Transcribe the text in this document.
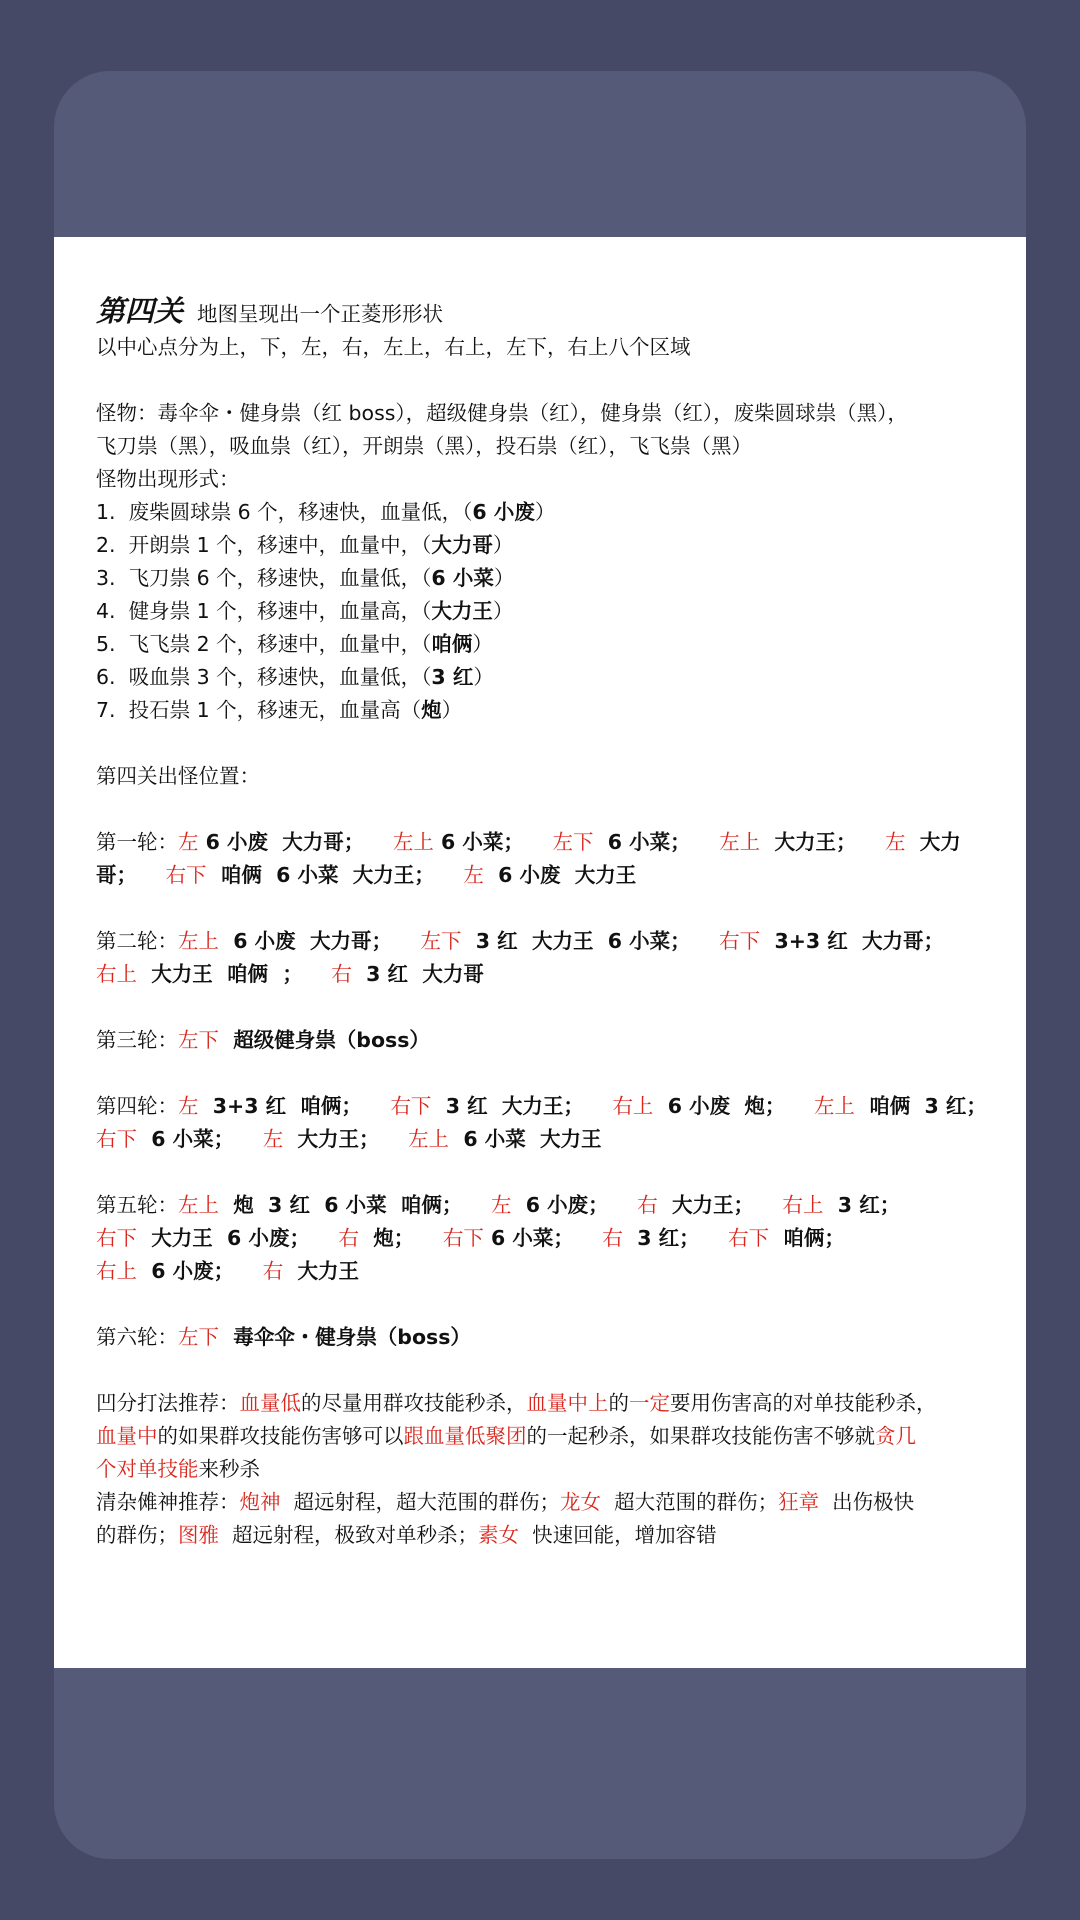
第四关 地图呈现出一个正菱形形状
以中心点分为上，下，左，右，左上，右上，左下，右上八个区域
怪物：毒伞伞・健身祟（红 boss），超级健身祟（红），健身祟（红），废柴圆球祟（黑），
飞刀祟（黑），吸血祟（红），开朗祟（黑），投石祟（红），飞飞祟（黑）
怪物出现形式：
1.  废柴圆球祟 6 个，移速快，血量低，（6 小废）
2.  开朗祟 1 个，移速中，血量中，（大力哥）
3.  飞刀祟 6 个，移速快，血量低，（6 小菜）
4.  健身祟 1 个，移速中，血量高，（大力王）
5.  飞飞祟 2 个，移速中，血量中，（咱俩）
6.  吸血祟 3 个，移速快，血量低，（3 红）
7.  投石祟 1 个，移速无，血量高（炮）
第四关出怪位置：
第一轮：左 6 小废  大力哥；    左上 6 小菜；    左下  6 小菜；    左上  大力王；    左  大力
哥；    右下  咱俩  6 小菜  大力王；    左  6 小废  大力王
第二轮：左上  6 小废  大力哥；    左下  3 红  大力王  6 小菜；    右下  3+3 红  大力哥；
右上  大力王  咱俩  ；    右  3 红  大力哥
第三轮：左下  超级健身祟（boss）
第四轮：左  3+3 红  咱俩；    右下  3 红  大力王；    右上  6 小废  炮；    左上  咱俩  3 红；
右下  6 小菜；    左  大力王；    左上  6 小菜  大力王
第五轮：左上  炮  3 红  6 小菜  咱俩；    左  6 小废；    右  大力王；    右上  3 红；
右下  大力王  6 小废；    右  炮；    右下 6 小菜；    右  3 红；    右下  咱俩；
右上  6 小废；    右  大力王
第六轮：左下  毒伞伞・健身祟（boss）
凹分打法推荐：血量低的尽量用群攻技能秒杀，血量中上的一定要用伤害高的对单技能秒杀，
血量中的如果群攻技能伤害够可以跟血量低聚团的一起秒杀，如果群攻技能伤害不够就贪几
个对单技能来秒杀
清杂傩神推荐：炮神  超远射程，超大范围的群伤；龙女  超大范围的群伤；狂章  出伤极快
的群伤；图雅  超远射程，极致对单秒杀；素女  快速回能，增加容错
